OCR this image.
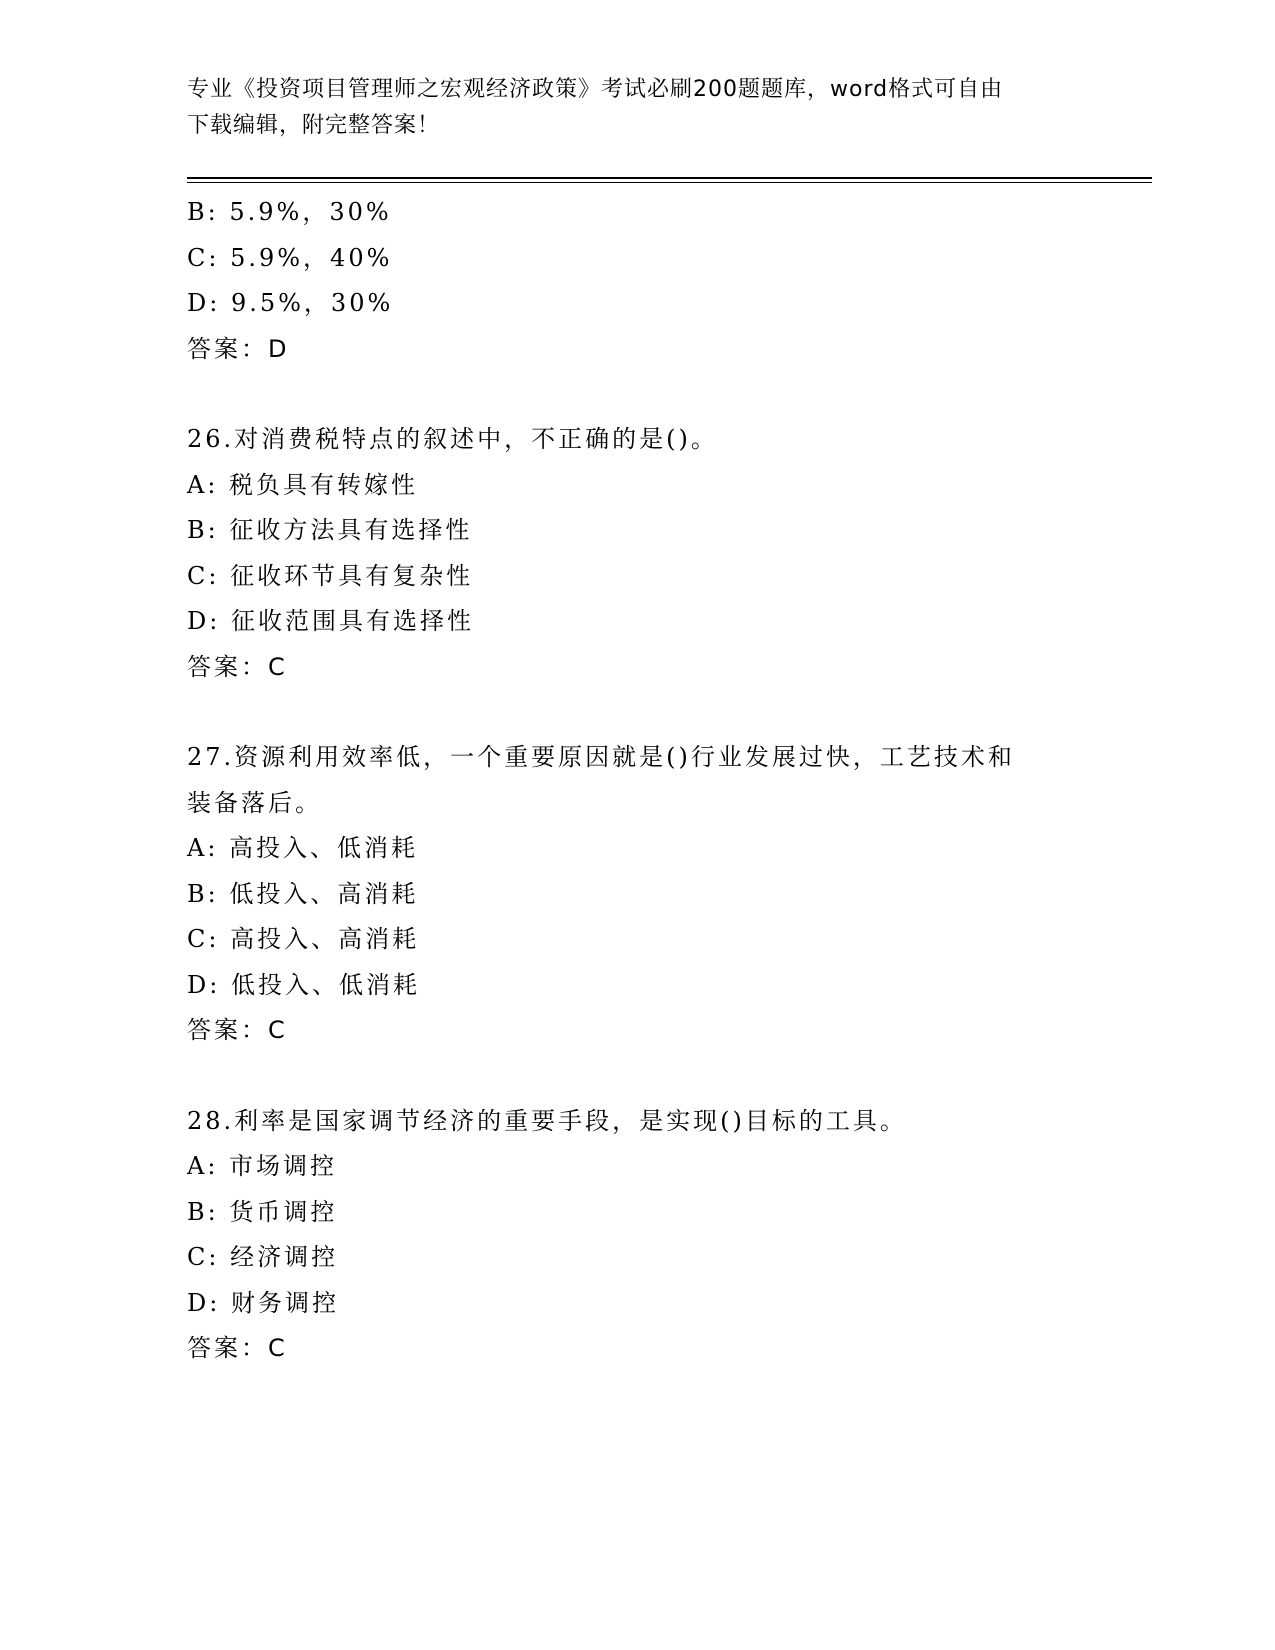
专业《投资项目管理师之宏观经济政策》考试必刷200题题库，word格式可自由
下载编辑，附完整答案！
B: 5.9%，30%
C: 5.9%，40%
D: 9.5%，30%
答案：D
26.对消费税特点的叙述中，不正确的是()。
A: 税负具有转嫁性
B: 征收方法具有选择性
C: 征收环节具有复杂性
D: 征收范围具有选择性
答案：C
27.资源利用效率低，一个重要原因就是()行业发展过快，工艺技术和
装备落后。
A: 高投入、低消耗
B: 低投入、高消耗
C: 高投入、高消耗
D: 低投入、低消耗
答案：C
28.利率是国家调节经济的重要手段，是实现()目标的工具。
A: 市场调控
B: 货币调控
C: 经济调控
D: 财务调控
答案：C
